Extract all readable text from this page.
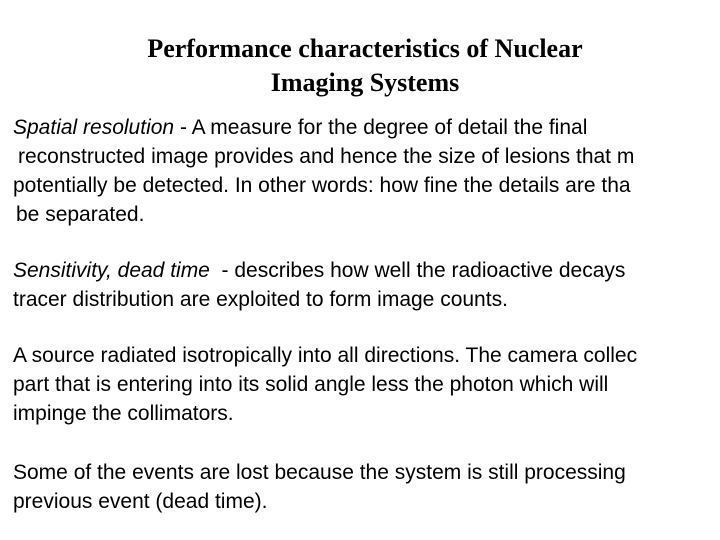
Performance characteristics of Nuclear
Imaging Systems

Spatial resolution - A measure for the degree of detail the final
reconstructed image provides and hence the size of lesions that m
potentially be detected. In other words: how fine the details are tha
be separated.

Sensitivity, dead time  - describes how well the radioactive decays
tracer distribution are exploited to form image counts.

A source radiated isotropically into all directions. The camera collec
part that is entering into its solid angle less the photon which will
impinge the collimators.

Some of the events are lost because the system is still processing
previous event (dead time).
